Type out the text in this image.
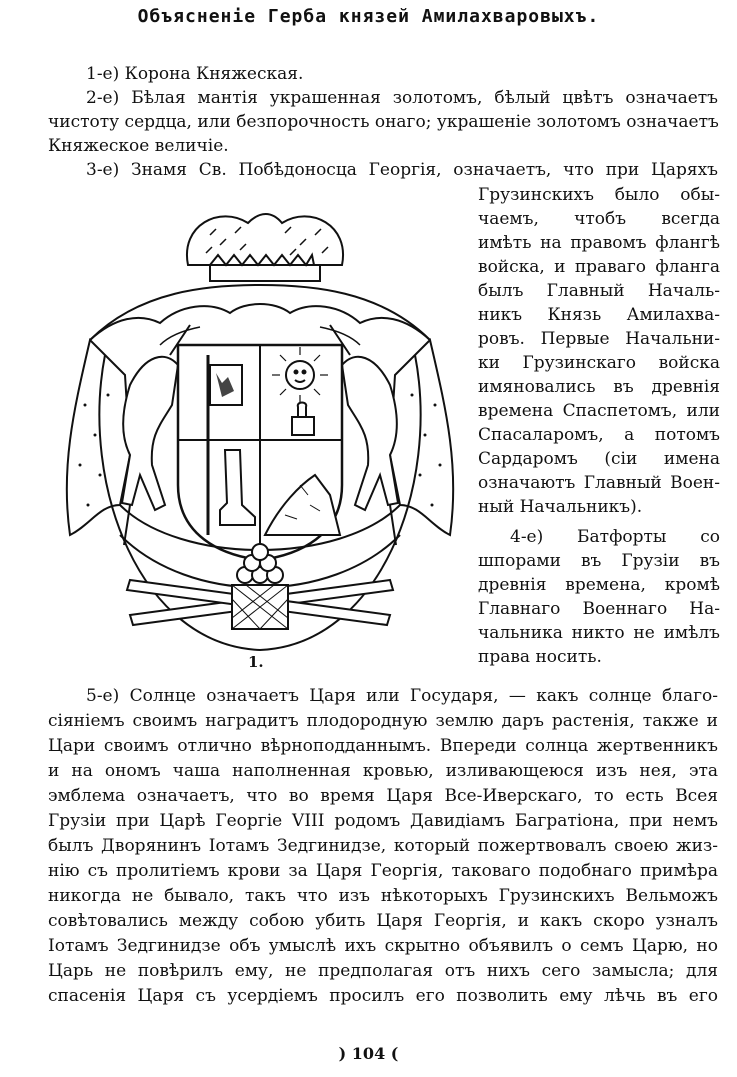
Объясненіе Герба князей Амилахваровыхъ.
1-е) Корона Княжеская.
2-е) Бѣлая мантія украшенная золотомъ, бѣлый цвѣтъ означаетъ
чистоту сердца, или безпорочность онаго; украшеніе золотомъ означаетъ
Княжеское величіе.
3-е) Знамя Св. Побѣдоносца Георгія, означаетъ, что при Царяхъ
Грузинскихъ было обы-
чаемъ, чтобъ всегда
имѣть на правомъ флангѣ
войска, и праваго фланга
былъ Главный Началь-
никъ Князь Амилахва-
ровъ. Первые Начальни-
ки Грузинскаго войска
имяновались въ древнія
времена Спаспетомъ, или
Спасаларомъ, а потомъ
Сардаромъ (сіи имена
означаютъ Главный Воен-
ный Начальникъ).
4-е) Батфорты со
шпорами въ Грузіи въ
древнія времена, кромѣ
Главнаго Военнаго На-
чальника никто не имѣлъ
права носить.
1.
5-е) Солнце означаетъ Царя или Государя, — какъ солнце благо-
сіяніемъ своимъ наградитъ плодородную землю даръ растенія, также и
Цари своимъ отлично вѣрноподданнымъ. Впереди солнца жертвенникъ
и на ономъ чаша наполненная кровью, изливающеюся изъ нея, эта
эмблема означаетъ, что во время Царя Все-Иверскаго, то есть Всея
Грузіи при Царѣ Георгіе VIII родомъ Давидіамъ Багратіона, при немъ
былъ Дворянинъ Іотамъ Зедгинидзе, который пожертвовалъ своею жиз-
нію съ пролитіемъ крови за Царя Георгія, таковаго подобнаго примѣра
никогда не бывало, такъ что изъ нѣкоторыхъ Грузинскихъ Вельможъ
совѣтовались между собою убить Царя Георгія, и какъ скоро узналъ
Іотамъ Зедгинидзе объ умыслѣ ихъ скрытно объявилъ о семъ Царю, но
Царь не повѣрилъ ему, не предполагая отъ нихъ сего замысла; для
спасенія Царя съ усердіемъ просилъ его позволить ему лѣчь въ его
) 104 (
